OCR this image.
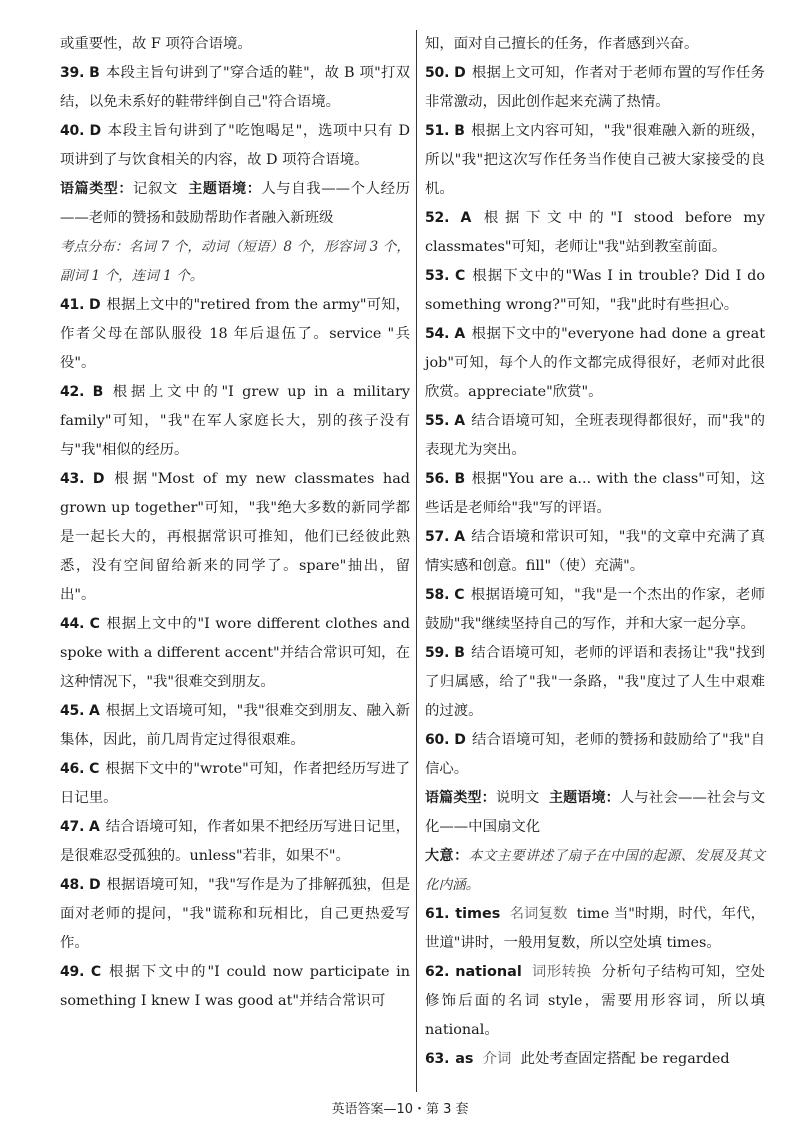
或重要性，故 F 项符合语境。

39. B 本段主旨句讲到了"穿合适的鞋"，故 B 项"打双结，以免未系好的鞋带绊倒自己"符合语境。

40. D 本段主旨句讲到了"吃饱喝足"，选项中只有 D 项讲到了与饮食相关的内容，故 D 项符合语境。

语篇类型：记叙文 主题语境：人与自我——个人经历——老师的赞扬和鼓励帮助作者融入新班级

考点分布：名词 7 个，动词（短语）8 个，形容词 3 个，副词 1 个，连词 1 个。

41. D 根据上文中的"retired from the army"可知，作者父母在部队服役 18 年后退伍了。service "兵役"。

42. B 根据上文中的"I grew up in a military family"可知，"我"在军人家庭长大，别的孩子没有与"我"相似的经历。

43. D 根据"Most of my new classmates had grown up together"可知，"我"绝大多数的新同学都是一起长大的，再根据常识可推知，他们已经彼此熟悉，没有空间留给新来的同学了。spare"抽出，留出"。

44. C 根据上文中的"I wore different clothes and spoke with a different accent"并结合常识可知，在这种情况下，"我"很难交到朋友。

45. A 根据上文语境可知，"我"很难交到朋友、融入新集体，因此，前几周肯定过得很艰难。

46. C 根据下文中的"wrote"可知，作者把经历写进了日记里。

47. A 结合语境可知，作者如果不把经历写进日记里，是很难忍受孤独的。unless"若非，如果不"。

48. D 根据语境可知，"我"写作是为了排解孤独，但是面对老师的提问，"我"谎称和玩相比，自己更热爱写作。

49. C 根据下文中的"I could now participate in something I knew I was good at"并结合常识可

知，面对自己擅长的任务，作者感到兴奋。

50. D 根据上文可知，作者对于老师布置的写作任务非常激动，因此创作起来充满了热情。

51. B 根据上文内容可知，"我"很难融入新的班级，所以"我"把这次写作任务当作使自己被大家接受的良机。

52. A 根据下文中的"I stood before my classmates"可知，老师让"我"站到教室前面。

53. C 根据下文中的"Was I in trouble? Did I do something wrong?"可知，"我"此时有些担心。

54. A 根据下文中的"everyone had done a great job"可知，每个人的作文都完成得很好，老师对此很欣赏。appreciate"欣赏"。

55. A 结合语境可知，全班表现得都很好，而"我"的表现尤为突出。

56. B 根据"You are a... with the class"可知，这些话是老师给"我"写的评语。

57. A 结合语境和常识可知，"我"的文章中充满了真情实感和创意。fill"（使）充满"。

58. C 根据语境可知，"我"是一个杰出的作家，老师鼓励"我"继续坚持自己的写作，并和大家一起分享。

59. B 结合语境可知，老师的评语和表扬让"我"找到了归属感，给了"我"一条路，"我"度过了人生中艰难的过渡。

60. D 结合语境可知，老师的赞扬和鼓励给了"我"自信心。

语篇类型：说明文 主题语境：人与社会——社会与文化——中国扇文化

大意：本文主要讲述了扇子在中国的起源、发展及其文化内涵。

61. times 名词复数 time 当"时期，时代，年代，世道"讲时，一般用复数，所以空处填 times。

62. national 词形转换 分析句子结构可知，空处修饰后面的名词 style，需要用形容词，所以填 national。

63. as 介词 此处考查固定搭配 be regarded

英语答案—10・第 3 套
